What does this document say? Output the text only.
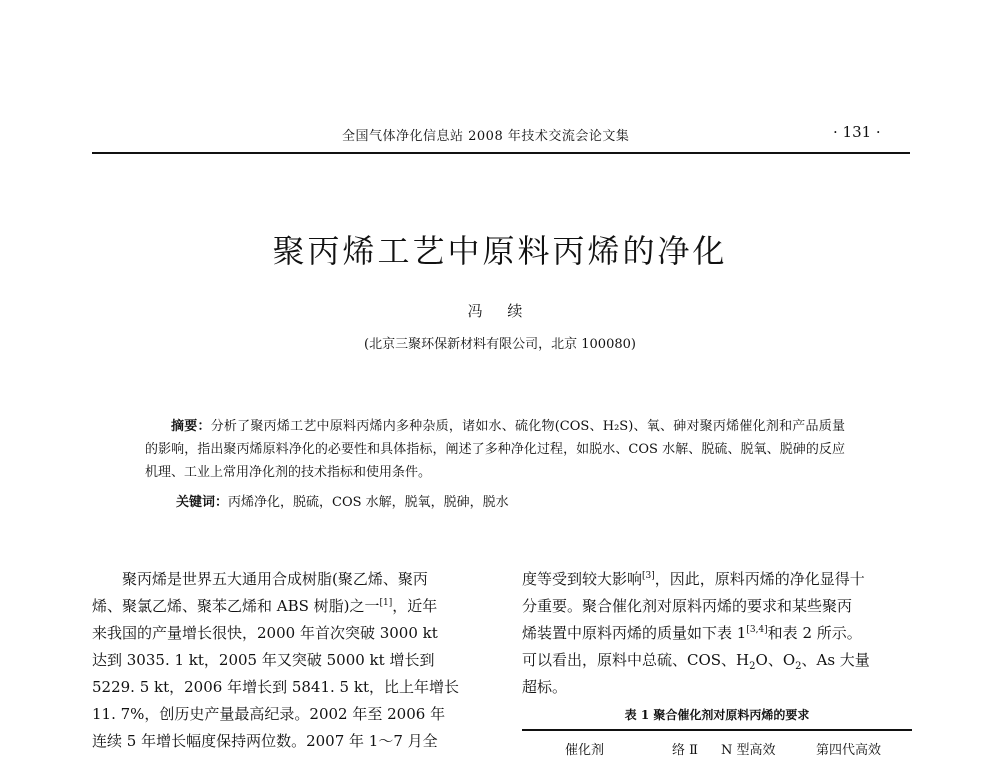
全国气体净化信息站 2008 年技术交流会论文集	· 131 ·
聚丙烯工艺中原料丙烯的净化
冯 续
(北京三聚环保新材料有限公司，北京 100080)

摘要：分析了聚丙烯工艺中原料丙烯内多种杂质，诸如水、硫化物(COS、H₂S)、氧、砷对聚丙烯催化剂和产品质量的影响，指出聚丙烯原料净化的必要性和具体指标，阐述了多种净化过程，如脱水、COS 水解、脱硫、脱氧、脱砷的反应机理、工业上常用净化剂的技术指标和使用条件。

关键词：丙烯净化，脱硫，COS 水解，脱氧，脱砷，脱水
聚丙烯是世界五大通用合成树脂(聚乙烯、聚丙
烯、聚氯乙烯、聚苯乙烯和 ABS 树脂)之一[1]，近年
来我国的产量增长很快，2000 年首次突破 3000 kt
达到 3035. 1 kt，2005 年又突破 5000 kt 增长到
5229. 5 kt，2006 年增长到 5841. 5 kt，比上年增长
11. 7%，创历史产量最高纪录。2002 年至 2006 年
连续 5 年增长幅度保持两位数。2007 年 1～7 月全
度等受到较大影响[3]，因此，原料丙烯的净化显得十
分重要。聚合催化剂对原料丙烯的要求和某些聚丙
烯装置中原料丙烯的质量如下表 1[3,4]和表 2 所示。
可以看出，原料中总硫、COS、$H_2O$、$O_2$、As 大量
超标。
表 1 聚合催化剂对原料丙烯的要求
催化剂	络 Ⅱ N 型高效	第四代高效
